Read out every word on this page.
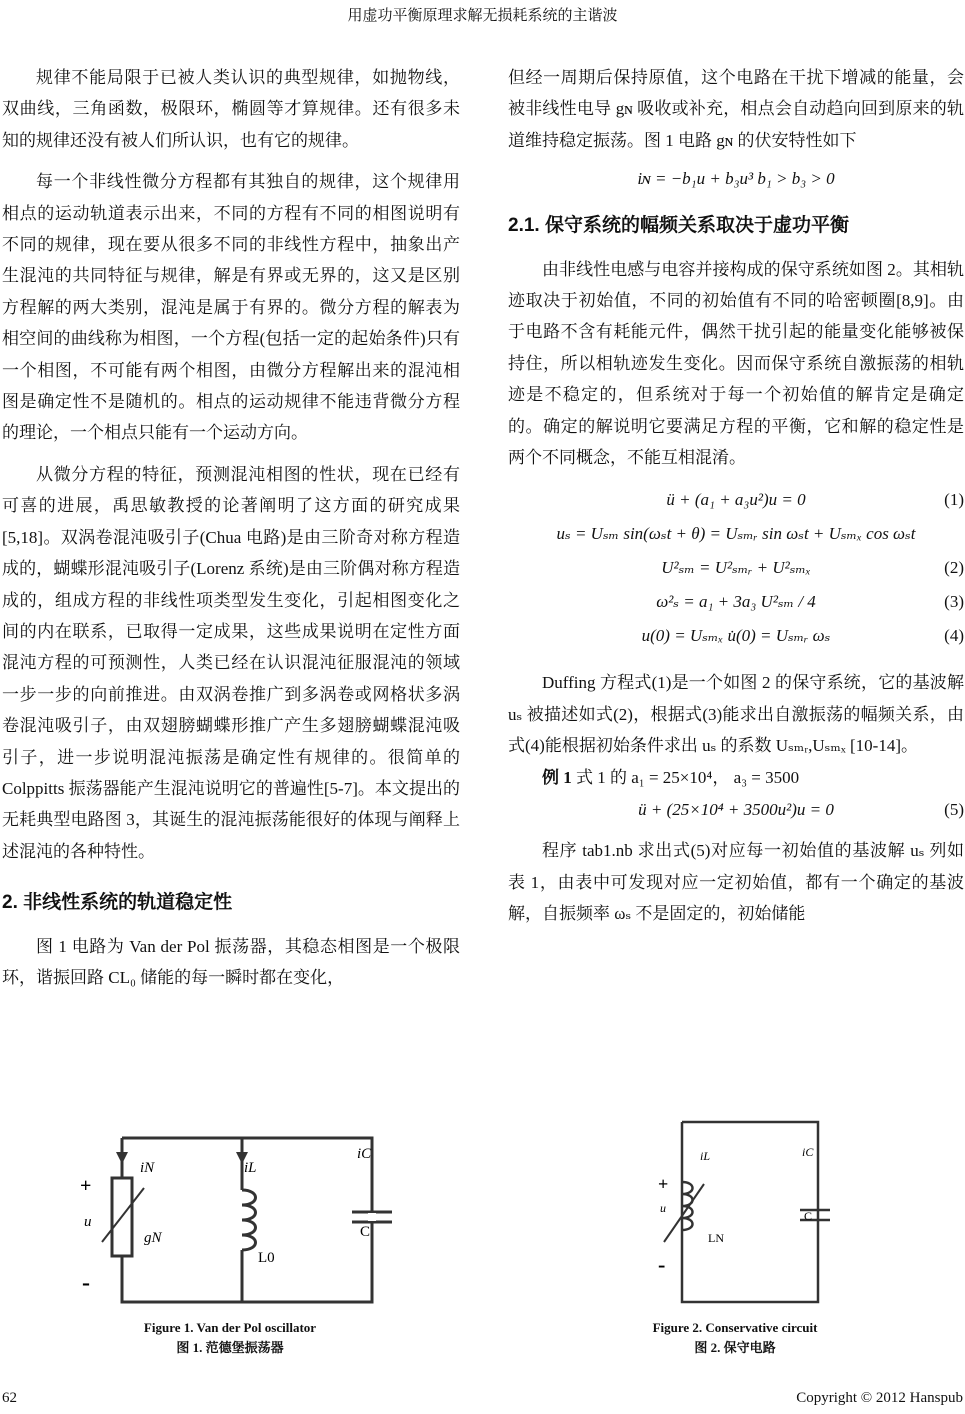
用虚功平衡原理求解无损耗系统的主谐波

规律不能局限于已被人类认识的典型规律，如抛物线，双曲线，三角函数，极限环，椭圆等才算规律。还有很多未知的规律还没有被人们所认识，也有它的规律。

每一个非线性微分方程都有其独自的规律，这个规律用相点的运动轨道表示出来，不同的方程有不同的相图说明有不同的规律，现在要从很多不同的非线性方程中，抽象出产生混沌的共同特征与规律，解是有界或无界的，这又是区别方程解的两大类别，混沌是属于有界的。微分方程的解表为相空间的曲线称为相图，一个方程(包括一定的起始条件)只有一个相图，不可能有两个相图，由微分方程解出来的混沌相图是确定性不是随机的。相点的运动规律不能违背微分方程的理论，一个相点只能有一个运动方向。

从微分方程的特征，预测混沌相图的性状，现在已经有可喜的进展，禹思敏教授的论著阐明了这方面的研究成果[5,18]。双涡卷混沌吸引子(Chua 电路)是由三阶奇对称方程造成的，蝴蝶形混沌吸引子(Lorenz 系统)是由三阶偶对称方程造成的，组成方程的非线性项类型发生变化，引起相图变化之间的内在联系，已取得一定成果，这些成果说明在定性方面混沌方程的可预测性，人类已经在认识混沌征服混沌的领域一步一步的向前推进。由双涡卷推广到多涡卷或网格状多涡卷混沌吸引子，由双翅膀蝴蝶形推广产生多翅膀蝴蝶混沌吸引子，进一步说明混沌振荡是确定性有规律的。很简单的 Colppitts 振荡器能产生混沌说明它的普遍性[5-7]。本文提出的无耗典型电路图 3，其诞生的混沌振荡能很好的体现与阐释上述混沌的各种特性。

2. 非线性系统的轨道稳定性

图 1 电路为 Van der Pol 振荡器，其稳态相图是一个极限环，谐振回路 CL₀ 储能的每一瞬时都在变化，

但经一周期后保持原值，这个电路在干扰下增减的能量，会被非线性电导 gɴ 吸收或补充，相点会自动趋向回到原来的轨道维持稳定振荡。图 1 电路 gɴ 的伏安特性如下

iɴ = −b₁u + b₃u³ b₁ > b₃ > 0
2.1. 保守系统的幅频关系取决于虚功平衡

由非线性电感与电容并接构成的保守系统如图 2。其相轨迹取决于初始值，不同的初始值有不同的哈密顿圈[8,9]。由于电路不含有耗能元件，偶然干扰引起的能量变化能够被保持住，所以相轨迹发生变化。因而保守系统自激振荡的相轨迹是不稳定的，但系统对于每一个初始值的解肯定是确定的。确定的解说明它要满足方程的平衡，它和解的稳定性是两个不同概念，不能互相混淆。

ü + (a₁ + a₃u²)u = 0	(1)
uₛ = Uₛₘ sin(ωₛt + θ) = Uₛₘᵣ sin ωₛt + Uₛₘₓ cos ωₛt
U²ₛₘ = U²ₛₘᵣ + U²ₛₘₓ	(2)
ω²ₛ = a₁ + 3a₃ U²ₛₘ / 4	(3)
u(0) = Uₛₘₓ u̇(0) = Uₛₘᵣ ωₛ	(4)

Duffing 方程式(1)是一个如图 2 的保守系统，它的基波解 uₛ 被描述如式(2)，根据式(3)能求出自激振荡的幅频关系，由式(4)能根据初始条件求出 uₛ 的系数 Uₛₘᵣ,Uₛₘₓ [10-14]。

例 1 式 1 的 a₁ = 25×10⁴， a₃ = 3500

ü + (25×10⁴ + 3500u²)u = 0	(5)

程序 tab1.nb 求出式(5)对应每一初始值的基波解 uₛ 列如表 1，由表中可发现对应一定初始值，都有一个确定的基波解，自振频率 ωₛ 不是固定的，初始储能

+
-
u
iN
gN
iL
L0
iC
C
+
-
u
iL
LN
iC
C
Figure 1. Van der Pol oscillator
图 1. 范德堡振荡器
Figure 2. Conservative circuit
图 2. 保守电路
62	Copyright © 2012 Hanspub
